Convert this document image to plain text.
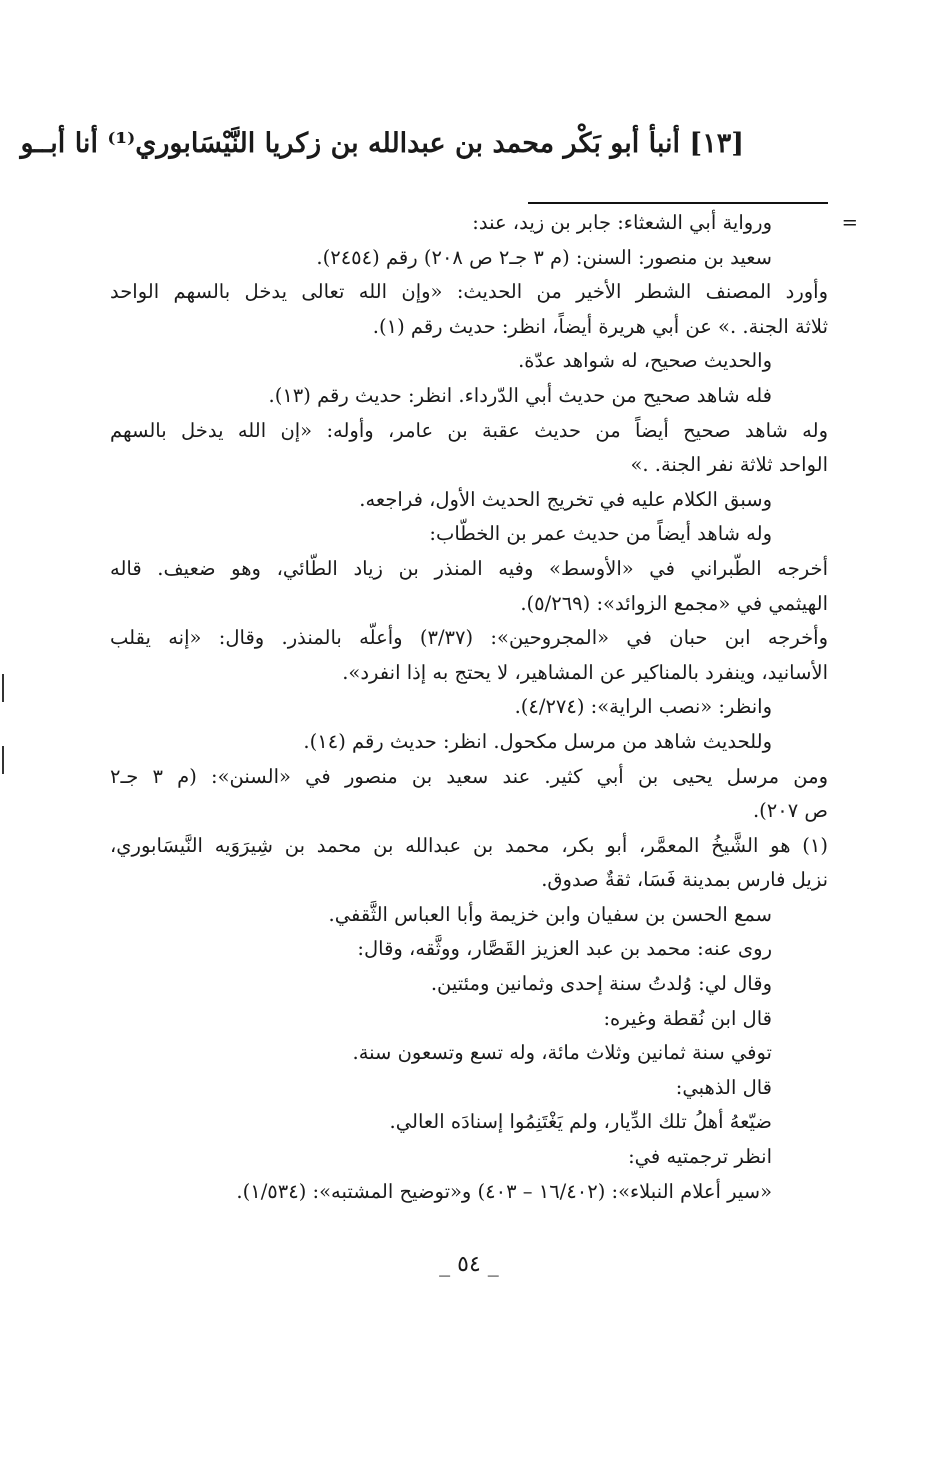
[١٣] أنبأ أبو بَكْر محمد بن عبدالله بن زكريا النَّيْسَابوري⁽¹⁾ أنا أبــو
=
ورواية أبي الشعثاء: جابر بن زيد، عند:
سعيد بن منصور: السنن: (م ٣ جـ٢ ص ٢٠٨) رقم (٢٤٥٤).
وأورد المصنف الشطر الأخير من الحديث: «وإن الله تعالى يدخل بالسهم الواحد
ثلاثة الجنة. .» عن أبي هريرة أيضاً، انظر: حديث رقم (١).
والحديث صحيح، له شواهد عدّة.
فله شاهد صحيح من حديث أبي الدّرداء. انظر: حديث رقم (١٣).
وله شاهد صحيح أيضاً من حديث عقبة بن عامر، وأوله: «إن الله يدخل بالسهم
الواحد ثلاثة نفر الجنة. .»
وسبق الكلام عليه في تخريج الحديث الأول، فراجعه.
وله شاهد أيضاً من حديث عمر بن الخطّاب:
أخرجه الطّبراني في «الأوسط» وفيه المنذر بن زياد الطّائي، وهو ضعيف. قاله
الهيثمي في «مجمع الزوائد»: (٥/٢٦٩).
وأخرجه ابن حبان في «المجروحين»: (٣/٣٧) وأعلّه بالمنذر. وقال: «إنه يقلب
الأسانيد، وينفرد بالمناكير عن المشاهير، لا يحتج به إذا انفرد».
وانظر: «نصب الراية»: (٤/٢٧٤).
وللحديث شاهد من مرسل مكحول. انظر: حديث رقم (١٤).
ومن مرسل يحيى بن أبي كثير. عند سعيد بن منصور في «السنن»: (م ٣ جـ٢
ص ٢٠٧).
(١) هو الشَّيخُ المعمَّر، أبو بكر، محمد بن عبدالله بن محمد بن شِيرَوَيه النَّيسَابوري،
نزيل فارس بمدينة فَسَا، ثقةٌ صدوق.
سمع الحسن بن سفيان وابن خزيمة وأبا العباس الثَّقفي.
روى عنه: محمد بن عبد العزيز القَصَّار، ووثَّقه، وقال:
وقال لي: وُلدتُ سنة إحدى وثمانين ومئتين.
قال ابن نُقطة وغيره:
توفي سنة ثمانين وثلاث مائة، وله تسع وتسعون سنة.
قال الذهبي:
ضيّعهُ أهلُ تلك الدِّيار، ولم يَغْتَنِمُوا إسنادَه العالي.
انظر ترجمتيه في:
«سير أعلام النبلاء»: (١٦/٤٠٢ – ٤٠٣) و«توضيح المشتبه»: (١/٥٣٤).
_ ٥٤ _
